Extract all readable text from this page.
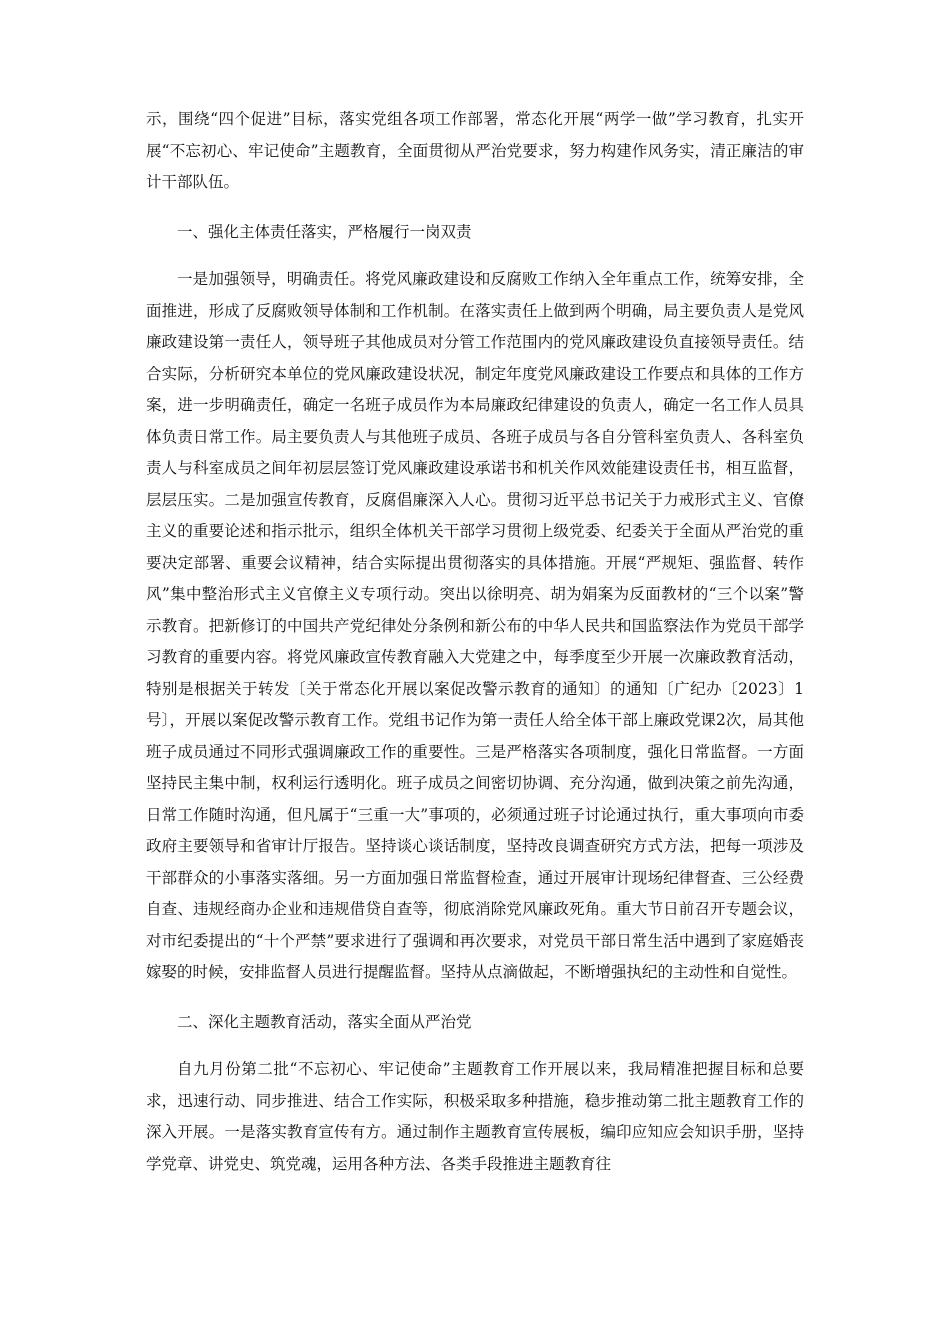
示，围绕“四个促进”目标，落实党组各项工作部署，常态化开展“两学一做”学习教育，扎实开展“不忘初心、牢记使命”主题教育，全面贯彻从严治党要求，努力构建作风务实，清正廉洁的审计干部队伍。

一、强化主体责任落实，严格履行一岗双责

一是加强领导，明确责任。将党风廉政建设和反腐败工作纳入全年重点工作，统筹安排，全面推进，形成了反腐败领导体制和工作机制。在落实责任上做到两个明确，局主要负责人是党风廉政建设第一责任人，领导班子其他成员对分管工作范围内的党风廉政建设负直接领导责任。结合实际，分析研究本单位的党风廉政建设状况，制定年度党风廉政建设工作要点和具体的工作方案，进一步明确责任，确定一名班子成员作为本局廉政纪律建设的负责人，确定一名工作人员具体负责日常工作。局主要负责人与其他班子成员、各班子成员与各自分管科室负责人、各科室负责人与科室成员之间年初层层签订党风廉政建设承诺书和机关作风效能建设责任书，相互监督，层层压实。二是加强宣传教育，反腐倡廉深入人心。贯彻习近平总书记关于力戒形式主义、官僚主义的重要论述和指示批示，组织全体机关干部学习贯彻上级党委、纪委关于全面从严治党的重要决定部署、重要会议精神，结合实际提出贯彻落实的具体措施。开展“严规矩、强监督、转作风”集中整治形式主义官僚主义专项行动。突出以徐明亮、胡为娟案为反面教材的“三个以案”警示教育。把新修订的中国共产党纪律处分条例和新公布的中华人民共和国监察法作为党员干部学习教育的重要内容。将党风廉政宣传教育融入大党建之中，每季度至少开展一次廉政教育活动，特别是根据关于转发〔关于常态化开展以案促改警示教育的通知〕的通知〔广纪办〔2023〕1号〕，开展以案促改警示教育工作。党组书记作为第一责任人给全体干部上廉政党课2次，局其他班子成员通过不同形式强调廉政工作的重要性。三是严格落实各项制度，强化日常监督。一方面坚持民主集中制，权利运行透明化。班子成员之间密切协调、充分沟通，做到决策之前先沟通，日常工作随时沟通，但凡属于“三重一大”事项的，必须通过班子讨论通过执行，重大事项向市委政府主要领导和省审计厅报告。坚持谈心谈话制度，坚持改良调查研究方式方法，把每一项涉及干部群众的小事落实落细。另一方面加强日常监督检查，通过开展审计现场纪律督查、三公经费自查、违规经商办企业和违规借贷自查等，彻底消除党风廉政死角。重大节日前召开专题会议，对市纪委提出的“十个严禁”要求进行了强调和再次要求，对党员干部日常生活中遇到了家庭婚丧嫁娶的时候，安排监督人员进行提醒监督。坚持从点滴做起，不断增强执纪的主动性和自觉性。

二、深化主题教育活动，落实全面从严治党

自九月份第二批“不忘初心、牢记使命”主题教育工作开展以来，我局精准把握目标和总要求，迅速行动、同步推进、结合工作实际，积极采取多种措施，稳步推动第二批主题教育工作的深入开展。一是落实教育宣传有方。通过制作主题教育宣传展板，编印应知应会知识手册，坚持学党章、讲党史、筑党魂，运用各种方法、各类手段推进主题教育往
